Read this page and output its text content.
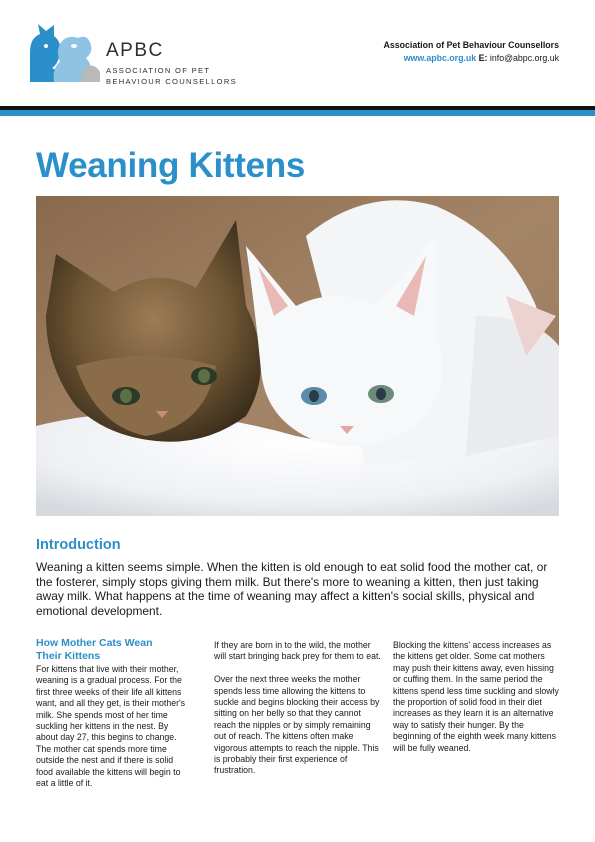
APBC
ASSOCIATION OF PET
BEHAVIOUR COUNSELLORS
Association of Pet Behaviour Counsellors
www.apbc.org.uk E: info@abpc.org.uk
Weaning Kittens
Introduction
Weaning a kitten seems simple. When the kitten is old enough to eat solid food the mother cat, or the fosterer, simply stops giving them milk. But there's more to weaning a kitten, then just taking away milk. What happens at the time of weaning may affect a kitten's social skills, physical and emotional development.
How Mother Cats Wean
Their Kittens

For kittens that live with their mother, weaning is a gradual process. For the first three weeks of their life all kittens want, and all they get, is their mother's milk. She spends most of her time suckling her kittens in the nest. By about day 27, this begins to change. The mother cat spends more time outside the nest and if there is solid food available the kittens will begin to eat a little of it.

If they are born in to the wild, the mother will start bringing back prey for them to eat.

Over the next three weeks the mother spends less time allowing the kittens to suckle and begins blocking their access by sitting on her belly so that they cannot reach the nipples or by simply remaining out of reach. The kittens often make vigorous attempts to reach the nipple. This is probably their first experience of frustration.

Blocking the kittens' access increases as the kittens get older. Some cat mothers may push their kittens away, even hissing or cuffing them. In the same period the kittens spend less time suckling and slowly the proportion of solid food in their diet increases as they learn it is an alternative way to satisfy their hunger. By the beginning of the eighth week many kittens will be fully weaned.
